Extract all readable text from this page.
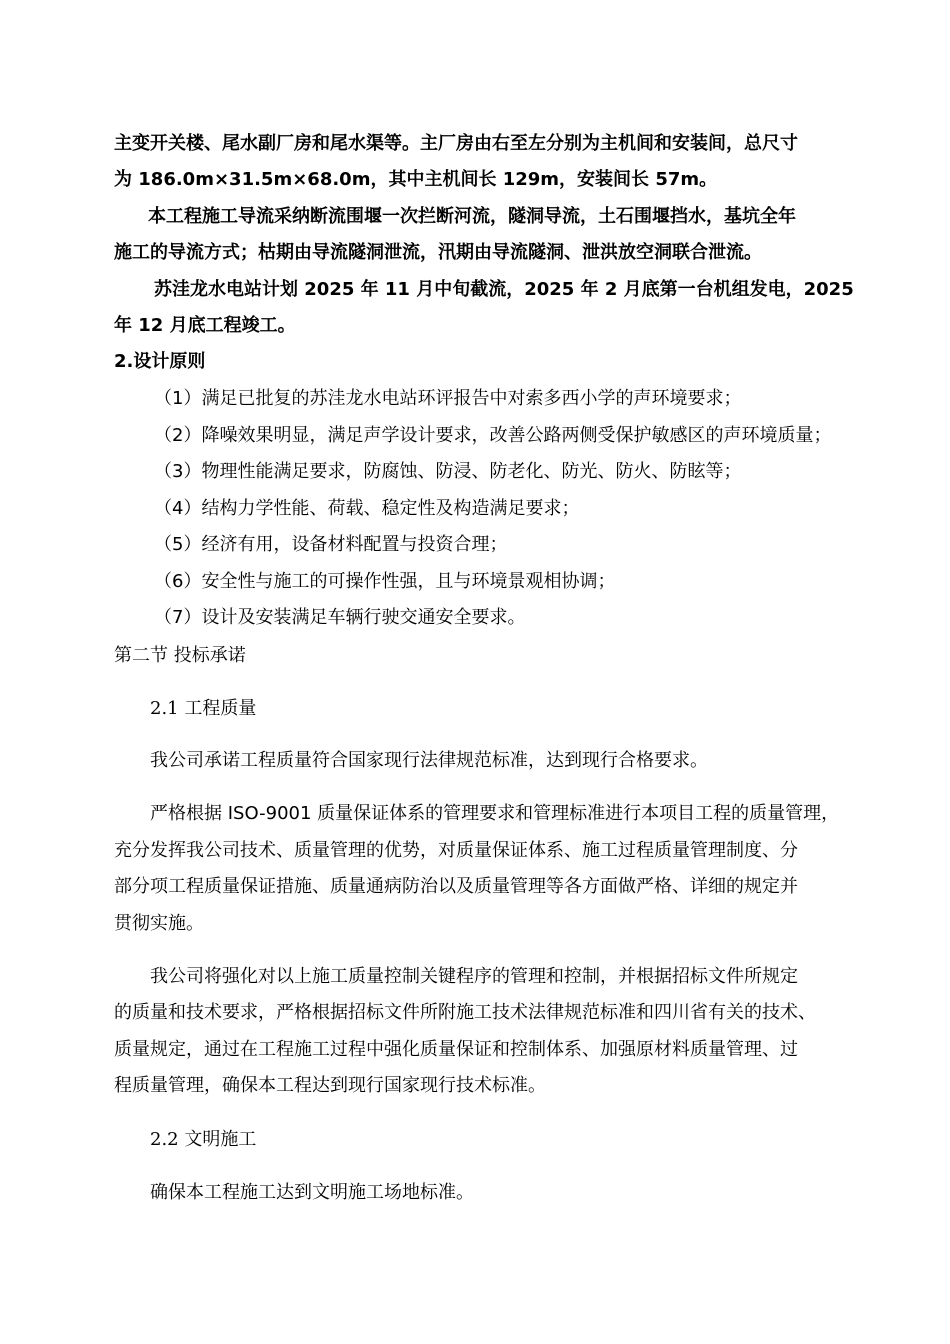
主变开关楼、尾水副厂房和尾水渠等。主厂房由右至左分别为主机间和安装间，总尺寸
为 186.0m×31.5m×68.0m，其中主机间长 129m，安装间长 57m。
本工程施工导流采纳断流围堰一次拦断河流，隧洞导流，土石围堰挡水，基坑全年
施工的导流方式；枯期由导流隧洞泄流，汛期由导流隧洞、泄洪放空洞联合泄流。
苏洼龙水电站计划 2025 年 11 月中旬截流，2025 年 2 月底第一台机组发电，2025
年 12 月底工程竣工。
2.设计原则
（1）满足已批复的苏洼龙水电站环评报告中对索多西小学的声环境要求；
（2）降噪效果明显，满足声学设计要求，改善公路两侧受保护敏感区的声环境质量；
（3）物理性能满足要求，防腐蚀、防浸、防老化、防光、防火、防眩等；
（4）结构力学性能、荷载、稳定性及构造满足要求；
（5）经济有用，设备材料配置与投资合理；
（6）安全性与施工的可操作性强，且与环境景观相协调；
（7）设计及安装满足车辆行驶交通安全要求。
第二节 投标承诺
2.1 工程质量
我公司承诺工程质量符合国家现行法律规范标准，达到现行合格要求。
严格根据 ISO-9001 质量保证体系的管理要求和管理标准进行本项目工程的质量管理，
充分发挥我公司技术、质量管理的优势，对质量保证体系、施工过程质量管理制度、分
部分项工程质量保证措施、质量通病防治以及质量管理等各方面做严格、详细的规定并
贯彻实施。
我公司将强化对以上施工质量控制关键程序的管理和控制，并根据招标文件所规定
的质量和技术要求，严格根据招标文件所附施工技术法律规范标准和四川省有关的技术、
质量规定，通过在工程施工过程中强化质量保证和控制体系、加强原材料质量管理、过
程质量管理，确保本工程达到现行国家现行技术标准。
2.2 文明施工
确保本工程施工达到文明施工场地标准。
